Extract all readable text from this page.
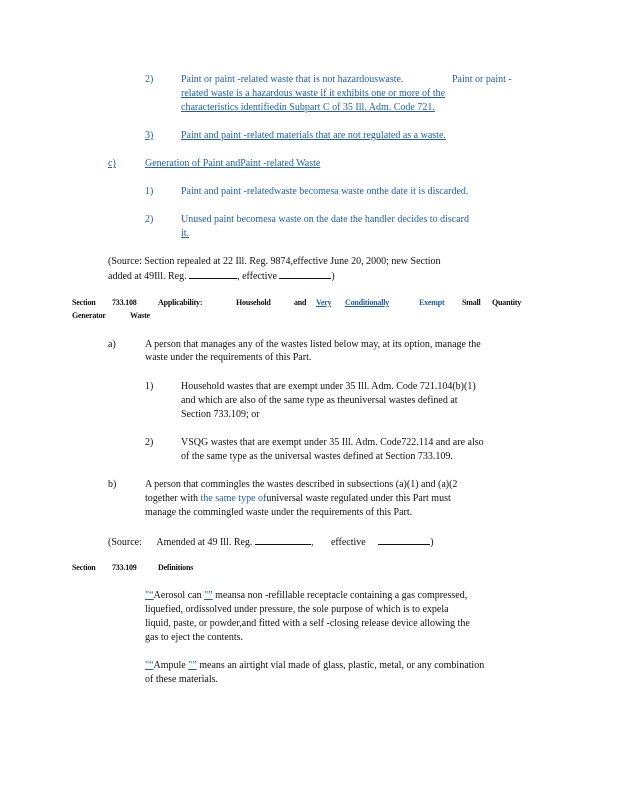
2)	Paint or paint -related waste that is not hazardouswaste.	Paint or paint -
related waste is a hazardous waste if it exhibits one or more of the
characteristics identifiedin Subpart C of 35 Ill. Adm. Code 721.
3)	Paint and paint -related materials that are not regulated as a waste.
c)	Generation of Paint andPaint -related Waste
1)	Paint and paint -relatedwaste becomesa waste onthe date it is discarded.
2)	Unused paint becomesa waste on the date the handler decides to discard
it.
(Source: Section repealed at 22 Ill. Reg. 9874,effective June 20, 2000; new Section
added at 49Ill. Reg.	, effective	)
Section 733.108	Applicability:	Household	and Very Conditionally	Exempt Small Quantity
Generator	Waste
a)	A person that manages any of the wastes listed below may, at its option, manage the
waste under the requirements of this Part.
1)	Household wastes that are exempt under 35 Ill. Adm. Code 721.104(b)(1)
and which are also of the same type as theuniversal wastes defined at
Section 733.109; or
2)	VSQG wastes that are exempt under 35 Ill. Adm. Code722.114 and are also
of the same type as the universal wastes defined at Section 733.109.
b)	A person that commingles the wastes described in subsections (a)(1) and (a)(2
together with the same type ofuniversal waste regulated under this Part must
manage the commingled waste under the requirements of this Part.
(Source: Amended at 49 Ill. Reg.	, effective	)
Section 733.109	Definitions
"“Aerosol can "” meansa non -refillable receptacle containing a gas compressed,
liquefied, ordissolved under pressure, the sole purpose of which is to expela
liquid, paste, or powder,and fitted with a self -closing release device allowing the
gas to eject the contents.
"“Ampule "” means an airtight vial made of glass, plastic, metal, or any combination
of these materials.
